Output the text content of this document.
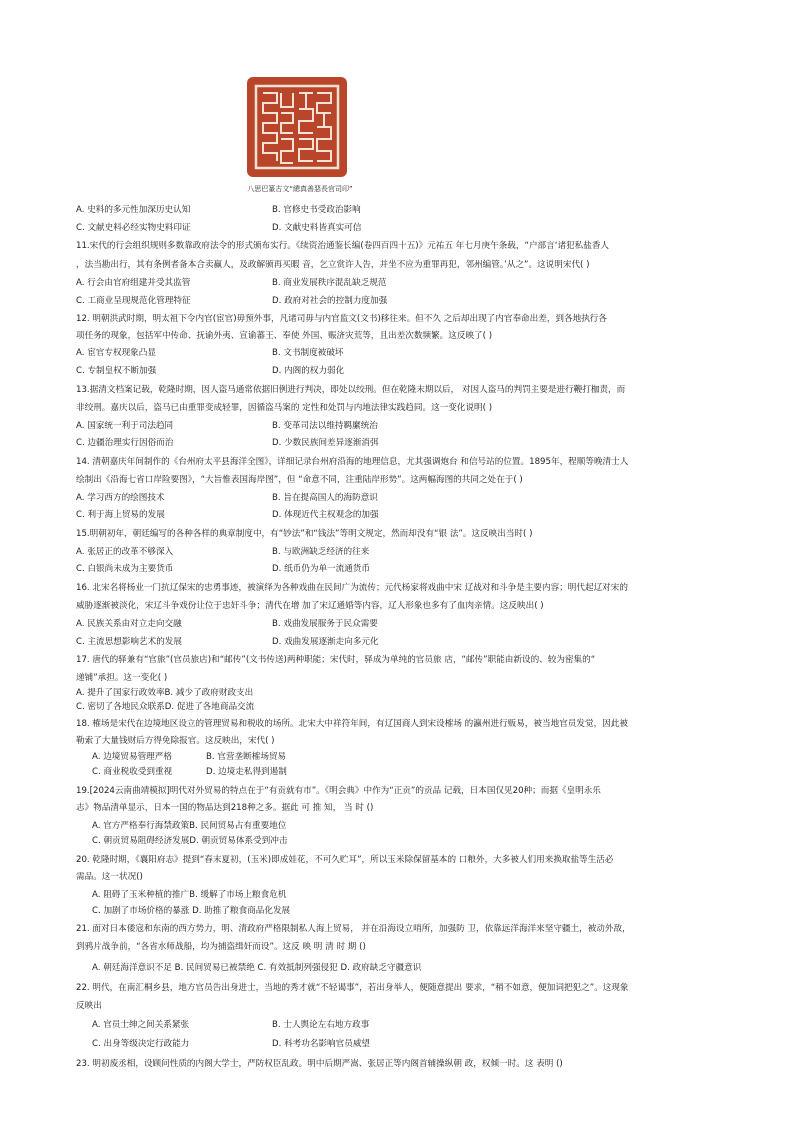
八思巴篆古文“總真善惡長官司印”
A. 史料的多元性加深历史认知	B. 官修史书受政治影响
C. 文献史料必经实物史料印证	D. 文献史料皆真实可信
11.宋代的行会组织规则多数靠政府法令的形式颁布实行。《续资治通鉴长编(卷四百四十五)》元祐五 年七月庚午条载，“户部言‘诸犯私盐香人
，法当勘出行，其有条例者备本合卖赢人，及政解颁再买暇 音，乞立赏许人告，并坐不应为重罪再犯，邻州编管。’从之”。这说明宋代( )
A. 行会由官府组建并受其监管	B. 商业发展秩序混乱缺乏规范
C. 工商业呈现规范化管理特征	D. 政府对社会的控制力度加强
12. 明朝洪武时期，明太祖下令内官(宦官)毋预外事，凡诸司毋与内官监文(文书)移往来。但不久 之后却出现了内官奉命出差，到各地执行各
项任务的现象，包括军中传命、抚谕外夷、宣谕蕃王、奉使 外国、赈济灾荒等，且出差次数频繁。这反映了( )
A. 宦官专权现象凸显	B. 文书制度被破坏
C. 专制皇权不断加强	D. 内阁的权力弱化
13.据清文档案记载，乾隆时期，因人盗马通常依据旧例进行判决，即处以绞刑。但在乾隆末期以后， 对因人盗马的判罚主要是进行鞭打枷责，而
非绞刑。嘉庆以后，盗马已由重罪变成轻罪，因循盗马案的 定性和处罚与内地法律实践趋同。这一变化说明( )
A. 国家统一利于司法趋同	B. 变革司法以维持羁縻统治
C. 边疆治理实行因俗而治	D. 少数民族间差异逐渐消弭
14. 清朝嘉庆年间制作的《台州府太平县海洋全图》，详细记录台州府沿海的地理信息，尤其强调炮台 和信号站的位置。1895年，程顺等晚清士人
绘制出《沿海七省口岸险要图》，“大旨惟表国海岸图”，但 “命意不同，注重陆岸形势”。这两幅海图的共同之处在于( )
A. 学习西方的绘图技术	B. 旨在提高国人的海防意识
C. 利于海上贸易的发展	D. 体现近代主权观念的加强
15.明朝初年，朝廷编写的各种各样的典章制度中，有“钞法”和“钱法”等明文规定，然而却没有“银 法”。这反映出当时( )
A. 张居正的改革不够深入	B. 与欧洲缺乏经济的往来
C. 白银尚未成为主要货币	D. 纸币仍为单一流通货币
16. 北宋名将杨业一门抗辽保宋的忠勇事迹，被演绎为各种戏曲在民间广为流传；元代杨家将戏曲中宋 辽战对和斗争是主要内容；明代起辽对宋的
威胁逐渐被淡化，宋辽斗争戏份让位于忠奸斗争；清代在增 加了宋辽通婚等内容，辽人形象也多有了血肉亲情。这反映出( )
A. 民族关系由对立走向交融	B. 戏曲发展服务于民众需要
C. 主流思想影响艺术的发展	D. 戏曲发展逐渐走向多元化
17. 唐代的驿兼有“官旅”(官员旅店)和“邮传”(文书传送)两种职能；宋代时，驿成为单纯的官员旅 店，“邮传”职能由新设的、较为密集的“
递铺”承担。这一变化( )
A. 提升了国家行政效率B. 减少了政府财政支出
C. 密切了各地民众联系D. 促进了各地商品交流
18. 榷场是宋代在边境地区设立的管理贸易和税收的场所。北宋大中祥符年间，有辽国商人到宋设榷场 的瀛州进行贩易，被当地官员发觉，因此被
勒索了大量钱财后方得免除报官。这反映出，宋代( )
A. 边境贸易管理严格	B. 官营垄断榷场贸易
C. 商业税收受到重视	D. 边境走私得到遏制
19.[2024云南曲靖模拟]明代对外贸易的特点在于“有贡就有市”。《明会典》中作为“正贡”的贡品 记载，日本国仅见20种；而据《皇明永乐
志》物品清单显示，日本一国的物品达到218种之多。据此 可 推 知， 当 时 ()
A. 官方严格奉行海禁政策B. 民间贸易占有重要地位
C. 朝贡贸易阻碍经济发展D. 朝贡贸易体系受到冲击
20. 乾隆时期，《襄阳府志》提到“春末夏初，(玉米)即成娃花，不可久贮耳”，所以玉米除保留基本的 口粮外，大多被人们用来换取盐等生活必
需品。这一状况()
A. 阻碍了玉米种植的推广B. 缓解了市场上粮食危机
C. 加剧了市场价格的暴涨 D. 助推了粮食商品化发展
21. 面对日本倭寇和东南的西方势力，明、清政府严格限制私人海上贸易， 并在沿海设立哨所，加强防 卫，依靠远洋海洋来坚守疆土，被动外敌，
到鸦片战争前，“各省水师战船，均为捕盗缉奸而设”。这反 映 明 清 时 期 ()
A. 朝廷海洋意识不足 B. 民间贸易已被禁绝 C. 有效抵制列强侵犯 D. 政府缺乏守疆意识
22. 明代，在南汇桐乡县，地方官员告出身进士，当地的秀才就“不轻谒事”，若出身举人，便随意提出 要求，“稍不如意，便加词把犯之”。这现象
反映出
A. 官员士绅之间关系紧张	B. 士人舆论左右地方政事
C. 出身等级决定行政能力	D. 科考功名影响官员威望
23. 明初废丞相，设顾问性质的内阁大学士，严防权臣乱政。明中后期严嵩、张居正等内阁首辅操纵朝 政，权倾一时。这 表明 ()
